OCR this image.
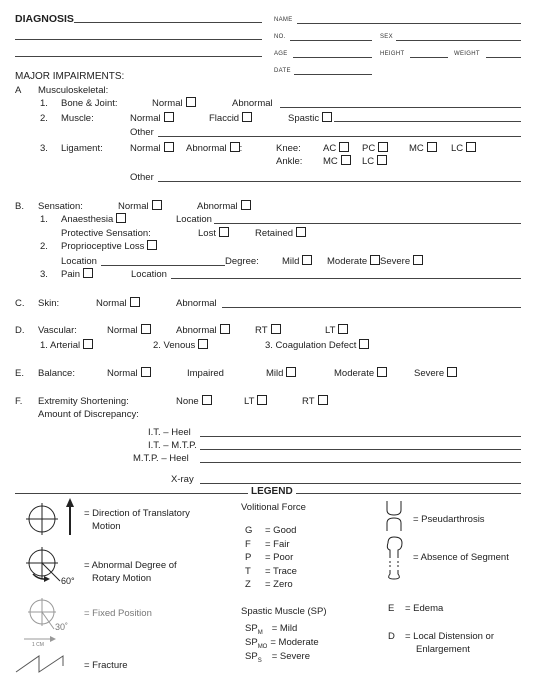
DIAGNOSIS	NAME
NO.	SEX
AGE	HEIGHT	WEIGHT
DATE
MAJOR IMPAIRMENTS:
A Musculoskeletal:
1. Bone & Joint:	Normal	Abnormal
2. Muscle:	Normal	Flaccid	Spastic
Other
3. Ligament:	Normal	Abnormal :	Knee: AC	PC	MC	LC
Ankle: MC	LC
Other
B. Sensation:	Normal	Abnormal
1. Anaesthesia	Location
Protective Sensation:	Lost	Retained
2. Proprioceptive Loss
Location	Degree: Mild	Moderate	Severe
3. Pain	Location
C. Skin:	Normal	Abnormal
D. Vascular:	Normal	Abnormal	RT	LT
1. Arterial	2. Venous	3. Coagulation Defect
E. Balance:	Normal	Impaired	Mild	Moderate	Severe
F. Extremity Shortening:	None	LT	RT
Amount of Discrepancy:
I.T. – Heel
I.T. – M.T.P.
M.T.P. – Heel
X-ray
LEGEND
= Direction of Translatory
Motion
60°
= Abnormal Degree of
Rotary Motion
30˚
1 CM
= Fixed Position
= Fracture
Volitional Force
G = Good
F = Fair
P = Poor
T = Trace
Z = Zero
Spastic Muscle (SP)
$SP_M$ = Mild
$SP_{MO}$ = Moderate
$SP_S$ = Severe
= Pseudarthrosis
= Absence of Segment
E = Edema
D = Local Distension or
Enlargement
